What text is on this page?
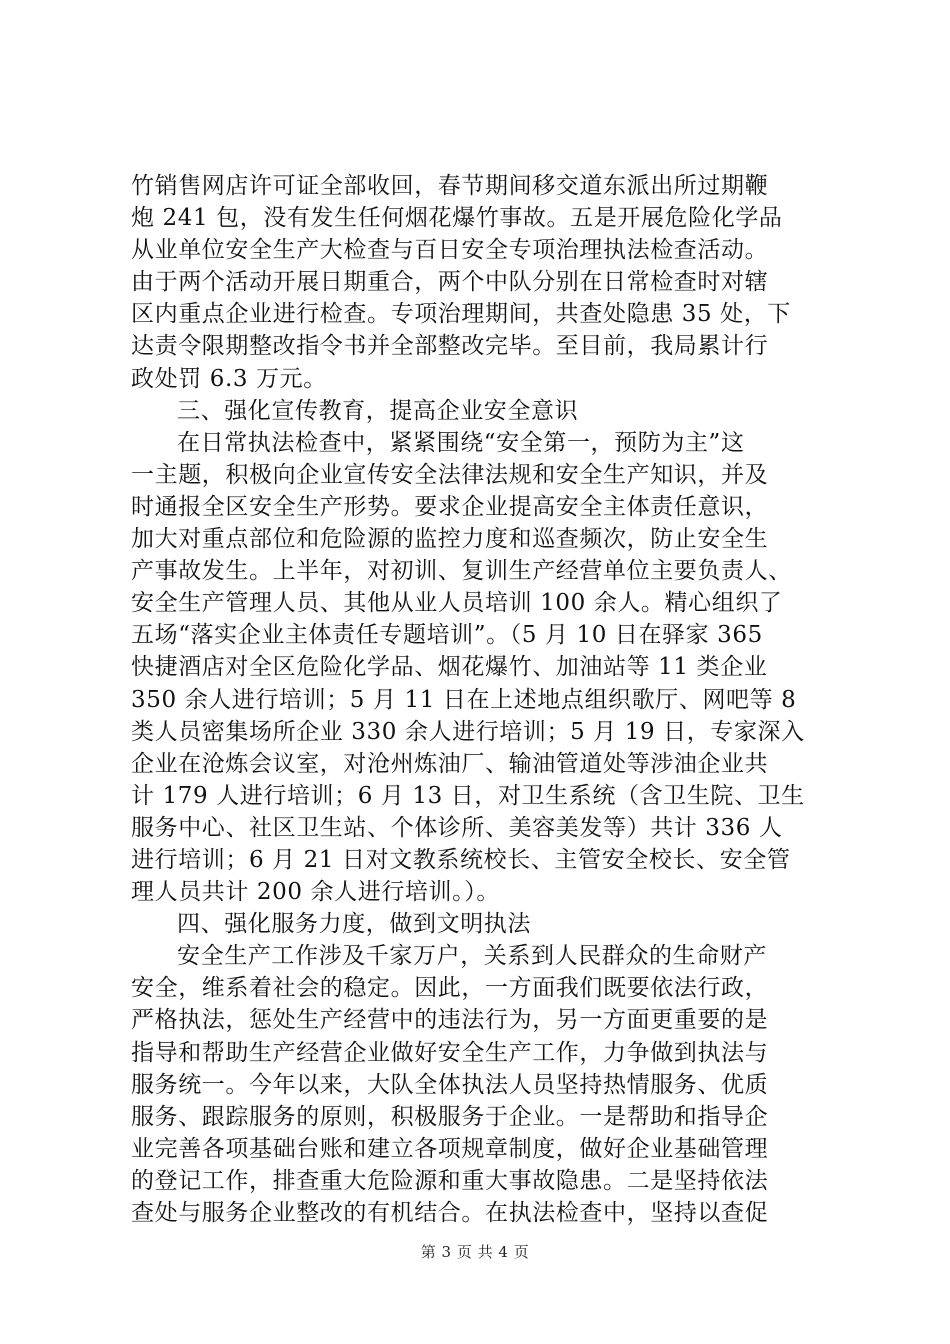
竹销售网店许可证全部收回，春节期间移交道东派出所过期鞭
炮 241 包，没有发生任何烟花爆竹事故。五是开展危险化学品
从业单位安全生产大检查与百日安全专项治理执法检查活动。
由于两个活动开展日期重合，两个中队分别在日常检查时对辖
区内重点企业进行检查。专项治理期间，共查处隐患 35 处，下
达责令限期整改指令书并全部整改完毕。至目前，我局累计行
政处罚 6.3 万元。
三、强化宣传教育，提高企业安全意识
在日常执法检查中，紧紧围绕“安全第一，预防为主”这
一主题，积极向企业宣传安全法律法规和安全生产知识，并及
时通报全区安全生产形势。要求企业提高安全主体责任意识，
加大对重点部位和危险源的监控力度和巡查频次，防止安全生
产事故发生。上半年，对初训、复训生产经营单位主要负责人、
安全生产管理人员、其他从业人员培训 100 余人。精心组织了
五场“落实企业主体责任专题培训”。（5 月 10 日在驿家 365
快捷酒店对全区危险化学品、烟花爆竹、加油站等 11 类企业
350 余人进行培训；5 月 11 日在上述地点组织歌厅、网吧等 8
类人员密集场所企业 330 余人进行培训；5 月 19 日，专家深入
企业在沧炼会议室，对沧州炼油厂、输油管道处等涉油企业共
计 179 人进行培训；6 月 13 日，对卫生系统（含卫生院、卫生
服务中心、社区卫生站、个体诊所、美容美发等）共计 336 人
进行培训；6 月 21 日对文教系统校长、主管安全校长、安全管
理人员共计 200 余人进行培训。）。
四、强化服务力度，做到文明执法
安全生产工作涉及千家万户，关系到人民群众的生命财产
安全，维系着社会的稳定。因此，一方面我们既要依法行政，
严格执法，惩处生产经营中的违法行为，另一方面更重要的是
指导和帮助生产经营企业做好安全生产工作，力争做到执法与
服务统一。今年以来，大队全体执法人员坚持热情服务、优质
服务、跟踪服务的原则，积极服务于企业。一是帮助和指导企
业完善各项基础台账和建立各项规章制度，做好企业基础管理
的登记工作，排查重大危险源和重大事故隐患。二是坚持依法
查处与服务企业整改的有机结合。在执法检查中，坚持以查促
第 3 页 共 4 页
